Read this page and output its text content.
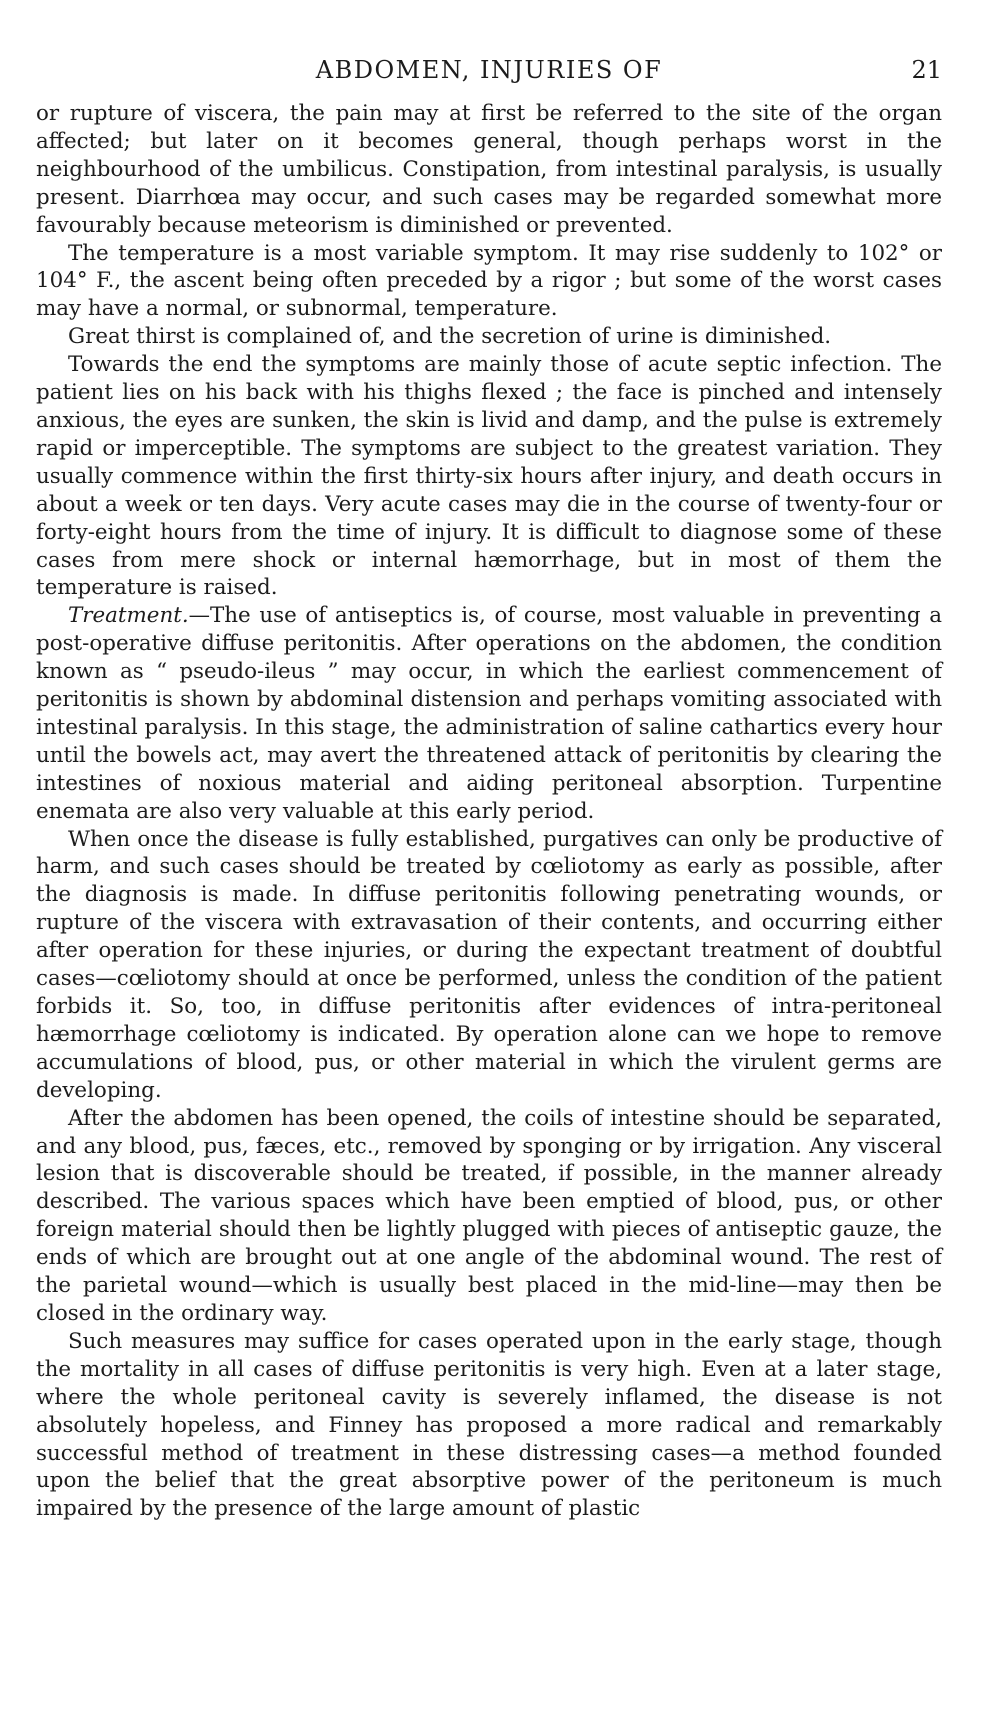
ABDOMEN, INJURIES OF	21

or rupture of viscera, the pain may at first be referred to the site of the organ affected; but later on it becomes general, though perhaps worst in the neighbourhood of the umbilicus. Constipation, from intestinal paralysis, is usually present. Diarrhœa may occur, and such cases may be regarded somewhat more favourably because meteorism is diminished or prevented.

The temperature is a most variable symptom. It may rise suddenly to 102° or 104° F., the ascent being often preceded by a rigor ; but some of the worst cases may have a normal, or subnormal, temperature.

Great thirst is complained of, and the secretion of urine is diminished.

Towards the end the symptoms are mainly those of acute septic infection. The patient lies on his back with his thighs flexed ; the face is pinched and intensely anxious, the eyes are sunken, the skin is livid and damp, and the pulse is extremely rapid or imperceptible. The symptoms are subject to the greatest variation. They usually commence within the first thirty-six hours after injury, and death occurs in about a week or ten days. Very acute cases may die in the course of twenty-four or forty-eight hours from the time of injury. It is difficult to diagnose some of these cases from mere shock or internal hæmorrhage, but in most of them the temperature is raised.

Treatment.—The use of antiseptics is, of course, most valuable in preventing a post-operative diffuse peritonitis. After operations on the abdomen, the condition known as “ pseudo-ileus ” may occur, in which the earliest commencement of peritonitis is shown by abdominal distension and perhaps vomiting associated with intestinal paralysis. In this stage, the administration of saline cathartics every hour until the bowels act, may avert the threatened attack of peritonitis by clearing the intestines of noxious material and aiding peritoneal absorption. Turpentine enemata are also very valuable at this early period.

When once the disease is fully established, purgatives can only be productive of harm, and such cases should be treated by cœliotomy as early as possible, after the diagnosis is made. In diffuse peritonitis following penetrating wounds, or rupture of the viscera with extravasation of their contents, and occurring either after operation for these injuries, or during the expectant treatment of doubtful cases—cœliotomy should at once be performed, unless the condition of the patient forbids it. So, too, in diffuse peritonitis after evidences of intra-peritoneal hæmorrhage cœliotomy is indicated. By operation alone can we hope to remove accumulations of blood, pus, or other material in which the virulent germs are developing.

After the abdomen has been opened, the coils of intestine should be separated, and any blood, pus, fæces, etc., removed by sponging or by irrigation. Any visceral lesion that is discoverable should be treated, if possible, in the manner already described. The various spaces which have been emptied of blood, pus, or other foreign material should then be lightly plugged with pieces of antiseptic gauze, the ends of which are brought out at one angle of the abdominal wound. The rest of the parietal wound—which is usually best placed in the mid-line—may then be closed in the ordinary way.

Such measures may suffice for cases operated upon in the early stage, though the mortality in all cases of diffuse peritonitis is very high. Even at a later stage, where the whole peritoneal cavity is severely inflamed, the disease is not absolutely hopeless, and Finney has proposed a more radical and remarkably successful method of treatment in these distressing cases—a method founded upon the belief that the great absorptive power of the peritoneum is much impaired by the presence of the large amount of plastic
